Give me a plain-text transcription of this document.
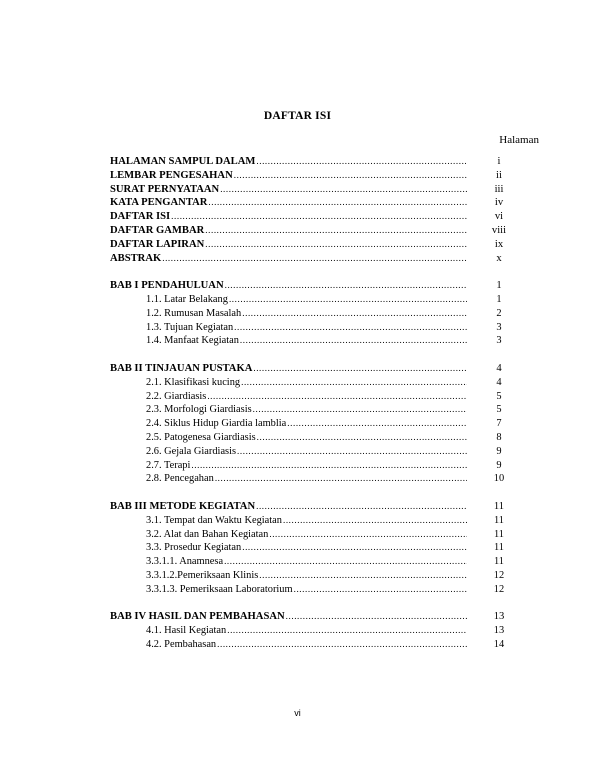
DAFTAR ISI
Halaman
HALAMAN SAMPUL DALAM .....	i
LEMBAR PENGESAHAN .....	ii
SURAT PERNYATAAN .....	iii
KATA PENGANTAR .....	iv
DAFTAR ISI .....	vi
DAFTAR GAMBAR .....	viii
DAFTAR LAPIRAN .....	ix
ABSTRAK .....	x
BAB I PENDAHULUAN .....	1
1.1. Latar Belakang .....	1
1.2. Rumusan Masalah .....	2
1.3. Tujuan Kegiatan .....	3
1.4. Manfaat Kegiatan .....	3
BAB II TINJAUAN PUSTAKA .....	4
2.1. Klasifikasi kucing .....	4
2.2. Giardiasis .....	5
2.3. Morfologi Giardiasis .....	5
2.4. Siklus Hidup Giardia lamblia .....	7
2.5. Patogenesa Giardiasis .....	8
2.6. Gejala Giardiasis .....	9
2.7. Terapi .....	9
2.8. Pencegahan .....	10
BAB III METODE KEGIATAN .....	11
3.1. Tempat dan Waktu Kegiatan .....	11
3.2. Alat dan Bahan Kegiatan .....	11
3.3. Prosedur Kegiatan .....	11
3.3.1.1. Anamnesa .....	11
3.3.1.2.Pemeriksaan Klinis .....	12
3.3.1.3. Pemeriksaan Laboratorium .....	12
BAB IV HASIL DAN PEMBAHASAN .....	13
4.1. Hasil Kegiatan .....	13
4.2. Pembahasan .....	14
vi
